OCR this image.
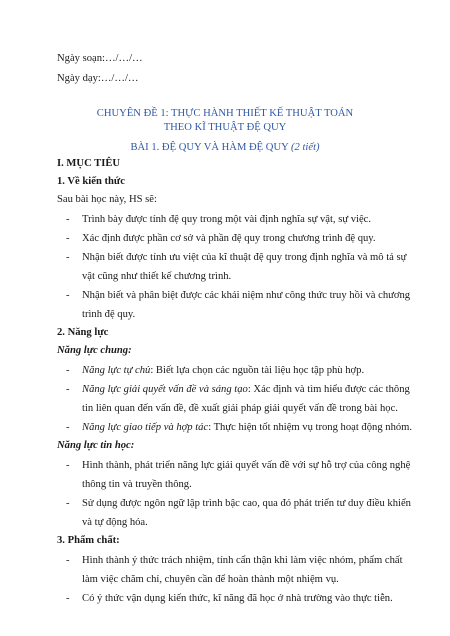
Ngày soạn:…/…/…
Ngày dạy:…/…/…
CHUYÊN ĐỀ 1: THỰC HÀNH THIẾT KẾ THUẬT TOÁN
THEO KĨ THUẬT ĐỆ QUY
BÀI 1. ĐỆ QUY VÀ HÀM ĐỆ QUY (2 tiết)
I. MỤC TIÊU
1. Về kiến thức
Sau bài học này, HS sẽ:
- Trình bày được tính đệ quy trong một vài định nghĩa sự vật, sự việc.
- Xác định được phần cơ sở và phần đệ quy trong chương trình đệ quy.
- Nhận biết được tính ưu việt của kĩ thuật đệ quy trong định nghĩa và mô tả sự
vật cũng như thiết kế chương trình.
- Nhận biết và phân biệt được các khái niệm như công thức truy hồi và chương
trình đệ quy.
2. Năng lực
Năng lực chung:
- Năng lực tự chủ: Biết lựa chọn các nguồn tài liệu học tập phù hợp.
- Năng lực giải quyết vấn đề và sáng tạo: Xác định và tìm hiểu được các thông
tin liên quan đến vấn đề, đề xuất giải pháp giải quyết vấn đề trong bài học.
- Năng lực giao tiếp và hợp tác: Thực hiện tốt nhiệm vụ trong hoạt động nhóm.
Năng lực tin học:
- Hình thành, phát triển năng lực giải quyết vấn đề với sự hỗ trợ của công nghệ
thông tin và truyền thông.
- Sử dụng được ngôn ngữ lập trình bậc cao, qua đó phát triển tư duy điều khiển
và tự động hóa.
3. Phẩm chất:
- Hình thành ý thức trách nhiệm, tính cẩn thận khi làm việc nhóm, phẩm chất
làm việc chăm chỉ, chuyên cần để hoàn thành một nhiệm vụ.
- Có ý thức vận dụng kiến thức, kĩ năng đã học ở nhà trường vào thực tiễn.
